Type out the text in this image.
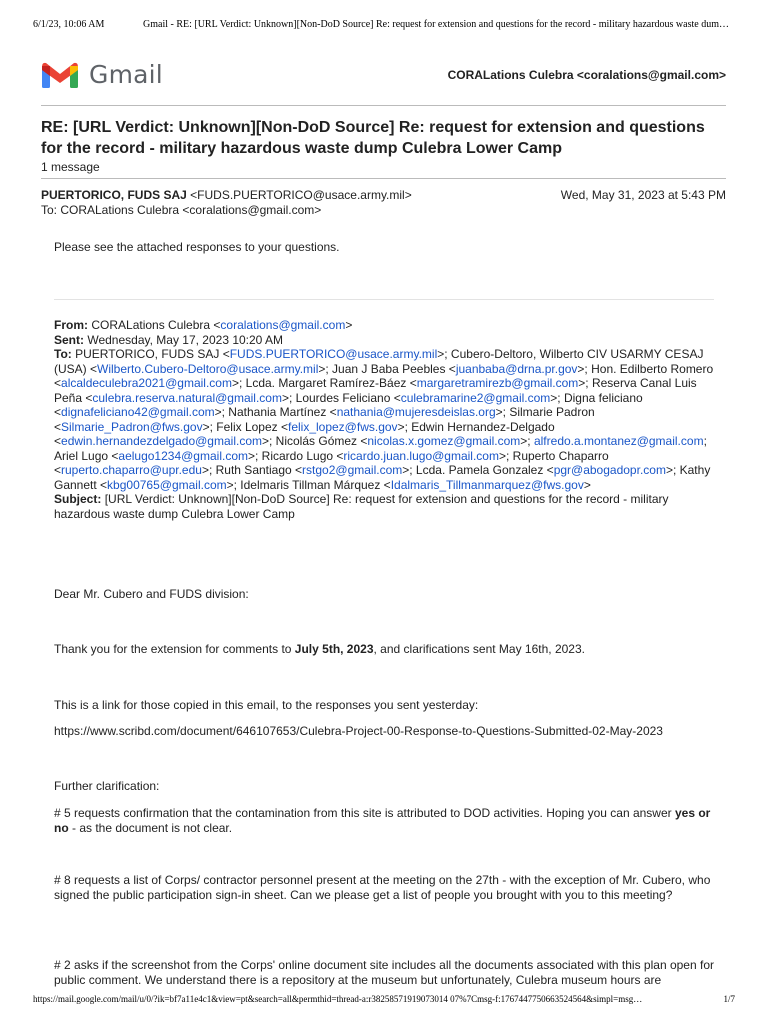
6/1/23, 10:06 AM	Gmail - RE: [URL Verdict: Unknown][Non-DoD Source] Re: request for extension and questions for the record - military hazardous waste dum…
Gmail	CORALations Culebra <coralations@gmail.com>
RE: [URL Verdict: Unknown][Non-DoD Source] Re: request for extension and questions for the record - military hazardous waste dump Culebra Lower Camp
1 message
PUERTORICO, FUDS SAJ <FUDS.PUERTORICO@usace.army.mil>	Wed, May 31, 2023 at 5:43 PM
To: CORALations Culebra <coralations@gmail.com>

Please see the attached responses to your questions.

From: CORALations Culebra <coralations@gmail.com>
Sent: Wednesday, May 17, 2023 10:20 AM
To: PUERTORICO, FUDS SAJ <FUDS.PUERTORICO@usace.army.mil>; Cubero-Deltoro, Wilberto CIV USARMY CESAJ (USA) <Wilberto.Cubero-Deltoro@usace.army.mil>; Juan J Baba Peebles <juanbaba@drna.pr.gov>; Hon. Edilberto Romero <alcaldeculebra2021@gmail.com>; Lcda. Margaret Ramírez-Báez <margaretramirezb@gmail.com>; Reserva Canal Luis Peña <culebra.reserva.natural@gmail.com>; Lourdes Feliciano <culebramarine2@gmail.com>; Digna feliciano <dignafeliciano42@gmail.com>; Nathania Martínez <nathania@mujeresdeislas.org>; Silmarie Padron <Silmarie_Padron@fws.gov>; Felix Lopez <felix_lopez@fws.gov>; Edwin Hernandez-Delgado <edwin.hernandezdelgado@gmail.com>; Nicolás Gómez <nicolas.x.gomez@gmail.com>; alfredo.a.montanez@gmail.com; Ariel Lugo <aelugo1234@gmail.com>; Ricardo Lugo <ricardo.juan.lugo@gmail.com>; Ruperto Chaparro <ruperto.chaparro@upr.edu>; Ruth Santiago <rstgo2@gmail.com>; Lcda. Pamela Gonzalez <pgr@abogadopr.com>; Kathy Gannett <kbg00765@gmail.com>; Idelmaris Tillman Márquez <Idalmaris_Tillmanmarquez@fws.gov>
Subject: [URL Verdict: Unknown][Non-DoD Source] Re: request for extension and questions for the record - military hazardous waste dump Culebra Lower Camp

Dear Mr. Cubero and FUDS division:

Thank you for the extension for comments to July 5th, 2023, and clarifications sent May 16th, 2023.

This is a link for those copied in this email, to the responses you sent yesterday:

https://www.scribd.com/document/646107653/Culebra-Project-00-Response-to-Questions-Submitted-02-May-2023

Further clarification:

# 5 requests confirmation that the contamination from this site is attributed to DOD activities. Hoping you can answer yes or no - as the document is not clear.

# 8 requests a list of Corps/ contractor personnel present at the meeting on the 27th - with the exception of Mr. Cubero, who signed the public participation sign-in sheet. Can we please get a list of people you brought with you to this meeting?

# 2 asks if the screenshot from the Corps' online document site includes all the documents associated with this plan open for public comment. We understand there is a repository at the museum but unfortunately, Culebra museum hours are

https://mail.google.com/mail/u/0/?ik=bf7a11e4c1&view=pt&search=all&permthid=thread-a:r38258571919073014 07%7Cmsg-f:1767447750663524564&simpl=msg…	1/7
